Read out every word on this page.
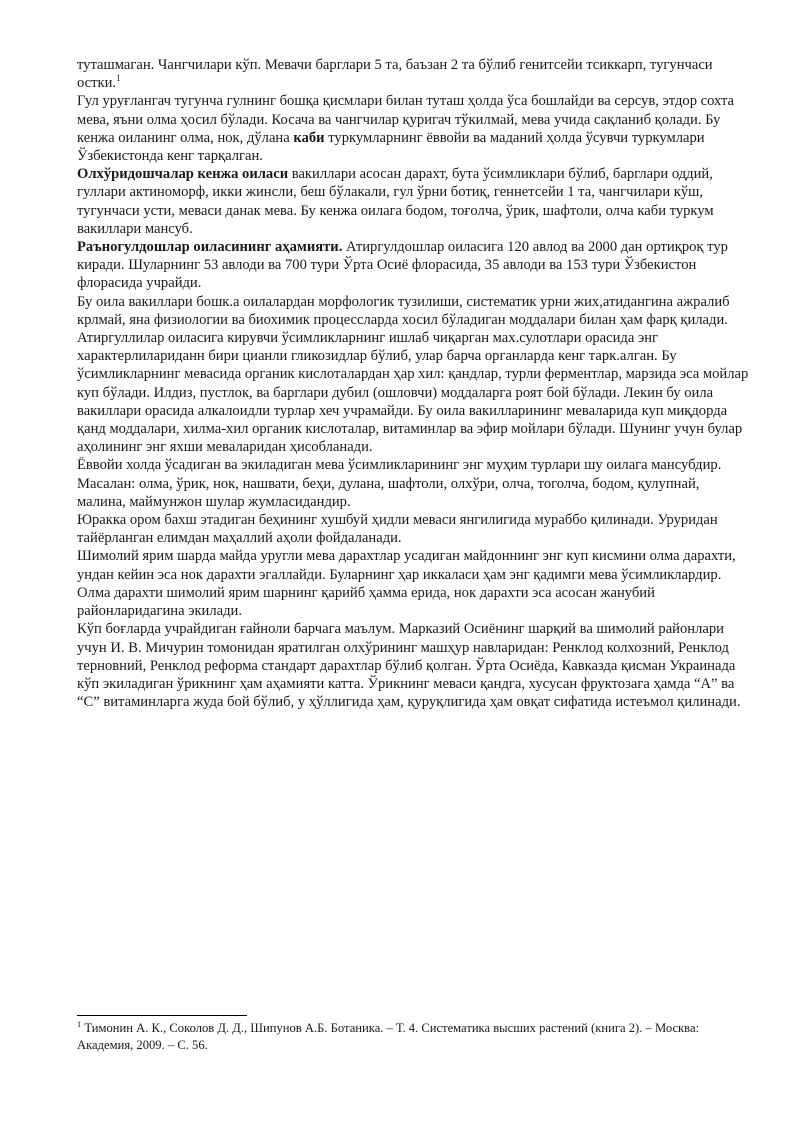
туташмаган. Чангчилари кўп. Мевачи барглари 5 та, баъзан 2 та бўлиб генитсейи тсиккарп, тугунчаси остки.$^1$

Гул уруғлангач тугунча гулнинг бошқа қисмлари билан туташ ҳолда ўса бошлайди ва серсув, этдор сохта мева, яъни олма ҳосил бўлади. Косача ва чангчилар қуригач тўкилмай, мева учида сақланиб қолади. Бу кенжа оиланинг олма, нок, дўлана каби туркумларнинг ёввойи ва маданий ҳолда ўсувчи туркумлари Ўзбекистонда кенг тарқалган.

Олхўридошчалар кенжа оиласи вакиллари асосан дарахт, бута ўсимликлари бўлиб, барглари оддий, гуллари актиноморф, икки жинсли, беш бўлакали, гул ўрни ботиқ, геннетсейи 1 та, чангчилари кўш, тугунчаси усти, меваси данак мева. Бу кенжа оилага бодом, тоғолча, ўрик, шафтоли, олча каби туркум вакиллари мансуб.

Раъногулдошлар оиласининг аҳамияти. Атиргулдошлар оиласига 120 авлод ва 2000 дан ортиқроқ тур киради. Шуларнинг 53 авлоди ва 700 тури Ўрта Осиё флорасида, 35 авлоди ва 153 тури Ўзбекистон флорасида учрайди.

Бу оила вакиллари бошк.а оилалардан морфологик тузилиши, систематик урни жих,атидангина ажралиб крлмай, яна физиологии ва биохимик процессларда хосил бўладиган моддалари билан ҳам фарқ қилади.

Атиргуллилар оиласига кирувчи ўсимликларнинг ишлаб чиқарган мах.сулотлари орасида энг характерлилариданн бири цианли гликозидлар бўлиб, улар барча органларда кенг тарк.алган. Бу ўсимликларнинг мевасида органик кислоталардан ҳар хил: қандлар, турли ферментлар, марзида эса мойлар куп бўлади. Илдиз, пустлок, ва барглари дубил (ошловчи) моддаларга роят бой бўлади. Лекин бу оила вакиллари орасида алкалоидли турлар хеч учрамайди. Бу оила вакилларининг меваларида куп миқдорда қанд моддалари, хилма-хил органик кислоталар, витаминлар ва эфир мойлари бўлади. Шунинг учун булар аҳолининг энг яхши меваларидан ҳисобланади.

Ёввойи холда ўсадиган ва экиладиган мева ўсимликларининг энг муҳим турлари шу оилага мансубдир. Масалан: олма, ўрик, нок, нашвати, беҳи, дулана, шафтоли, олхўри, олча, тоголча, бодом, қулупнай, малина, маймунжон шулар жумласидандир.

Юракка ором бахш этадиган беҳининг хушбуй ҳидли меваси янгилигида мураббо қилинади. Уруридан тайёрланган елимдан маҳаллий аҳоли фойдаланади.

Шимолий ярим шарда майда уругли мева дарахтлар усадиган майдоннинг энг куп кисмини олма дарахти, ундан кейин эса нок дарахти эгаллайди. Буларнинг ҳар иккаласи ҳам энг қадимги мева ўсимликлардир. Олма дарахти шимолий ярим шарнинг қарийб ҳамма ерида, нок дарахти эса асосан жанубий районларидагина экилади.

Кўп боғларда учрайдиган ғайноли барчага маълум. Марказий Осиёнинг шарқий ва шимолий районлари учун И. В. Мичурин томонидан яратилган олхўрининг машҳур навларидан: Ренклод колхозний, Ренклод терновний, Ренклод реформа стандарт дарахтлар бўлиб қолган. Ўрта Осиёда, Кавказда қисман Украинада кўп экиладиган ўрикнинг ҳам аҳамияти катта. Ўрикнинг меваси қандга, хусусан фруктозага ҳамда “А” ва “С” витаминларга жуда бой бўлиб, у ҳўллигида ҳам, қуруқлигида ҳам овқат сифатида истеъмол қилинади.

$^1$ Тимонин А. К., Соколов Д. Д., Шипунов А.Б. Ботаника. – Т. 4. Систематика высших растений (книга 2). – Москва: Академия, 2009. – С. 56.
